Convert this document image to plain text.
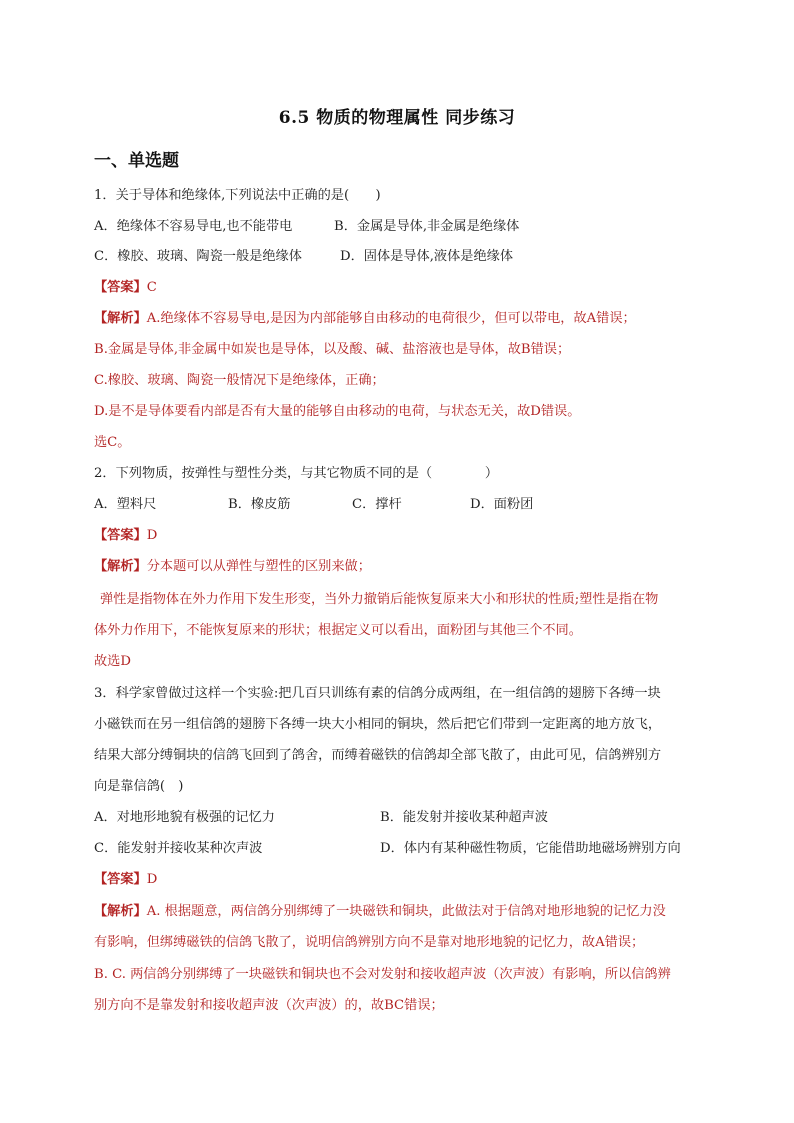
6.5 物质的物理属性 同步练习
一、单选题
1．关于导体和绝缘体,下列说法中正确的是(　　)
A．绝缘体不容易导电,也不能带电	B．金属是导体,非金属是绝缘体
C．橡胶、玻璃、陶瓷一般是绝缘体	D．固体是导体,液体是绝缘体
【答案】C
【解析】A.绝缘体不容易导电,是因为内部能够自由移动的电荷很少，但可以带电，故A错误；
B.金属是导体,非金属中如炭也是导体，以及酸、碱、盐溶液也是导体，故B错误；
C.橡胶、玻璃、陶瓷一般情况下是绝缘体，正确；
D.是不是导体要看内部是否有大量的能够自由移动的电荷，与状态无关，故D错误。
选C。
2．下列物质，按弹性与塑性分类，与其它物质不同的是（　　　　）
A．塑料尺	B．橡皮筋	C．撑杆	D．面粉团
【答案】D
【解析】分本题可以从弹性与塑性的区别来做；
弹性是指物体在外力作用下发生形变，当外力撤销后能恢复原来大小和形状的性质;塑性是指在物
体外力作用下，不能恢复原来的形状；根据定义可以看出，面粉团与其他三个不同。
故选D
3．科学家曾做过这样一个实验:把几百只训练有素的信鸽分成两组，在一组信鸽的翅膀下各缚一块
小磁铁而在另一组信鸽的翅膀下各缚一块大小相同的铜块，然后把它们带到一定距离的地方放飞，
结果大部分缚铜块的信鸽飞回到了鸽舍，而缚着磁铁的信鸽却全部飞散了，由此可见，信鸽辨别方
向是靠信鸽(　)
A．对地形地貌有极强的记忆力	B．能发射并接收某种超声波
C．能发射并接收某种次声波	D．体内有某种磁性物质，它能借助地磁场辨别方向
【答案】D
【解析】A. 根据题意，两信鸽分别绑缚了一块磁铁和铜块，此做法对于信鸽对地形地貌的记忆力没
有影响，但绑缚磁铁的信鸽飞散了，说明信鸽辨别方向不是靠对地形地貌的记忆力，故A错误；
B. C. 两信鸽分别绑缚了一块磁铁和铜块也不会对发射和接收超声波（次声波）有影响，所以信鸽辨
别方向不是靠发射和接收超声波（次声波）的，故BC错误；
